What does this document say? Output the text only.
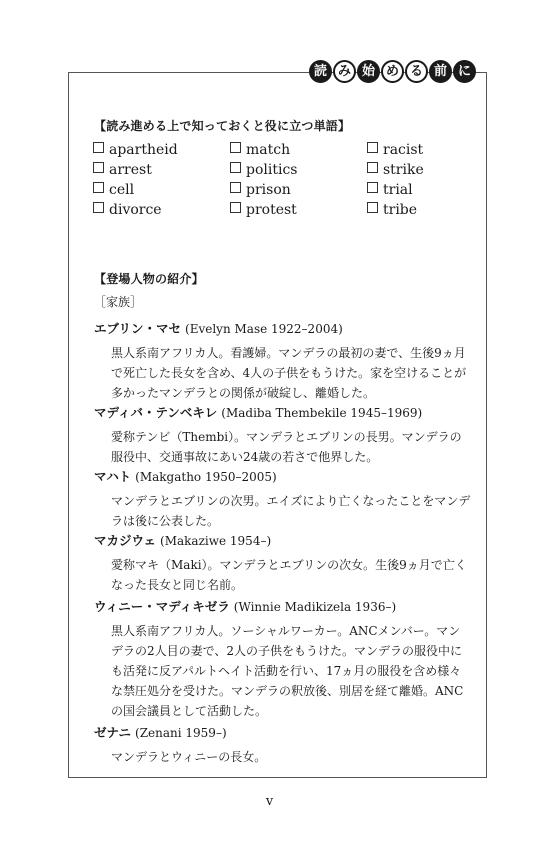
読 み 始 め る 前 に
【読み進める上で知っておくと役に立つ単語】
apartheid	match	racist
arrest	politics	strike
cell	prison	trial
divorce	protest	tribe
【登場人物の紹介】
［家族］
エブリン・マセ (Evelyn Mase 1922–2004)
黒人系南アフリカ人。看護婦。マンデラの最初の妻で、生後9ヵ月で死亡した長女を含め、4人の子供をもうけた。家を空けることが多かったマンデラとの関係が破綻し、離婚した。
マディバ・テンベキレ (Madiba Thembekile 1945–1969)
愛称テンビ（Thembi）。マンデラとエブリンの長男。マンデラの服役中、交通事故にあい24歳の若さで他界した。
マハト (Makgatho 1950–2005)
マンデラとエブリンの次男。エイズにより亡くなったことをマンデラは後に公表した。
マカジウェ (Makaziwe 1954–)
愛称マキ（Maki）。マンデラとエブリンの次女。生後9ヵ月で亡くなった長女と同じ名前。
ウィニー・マディキゼラ (Winnie Madikizela 1936–)
黒人系南アフリカ人。ソーシャルワーカー。ANCメンバー。マンデラの2人目の妻で、2人の子供をもうけた。マンデラの服役中にも活発に反アパルトヘイト活動を行い、17ヵ月の服役を含め様々な禁圧処分を受けた。マンデラの釈放後、別居を経て離婚。ANCの国会議員として活動した。
ゼナニ (Zenani 1959–)
マンデラとウィニーの長女。
v
